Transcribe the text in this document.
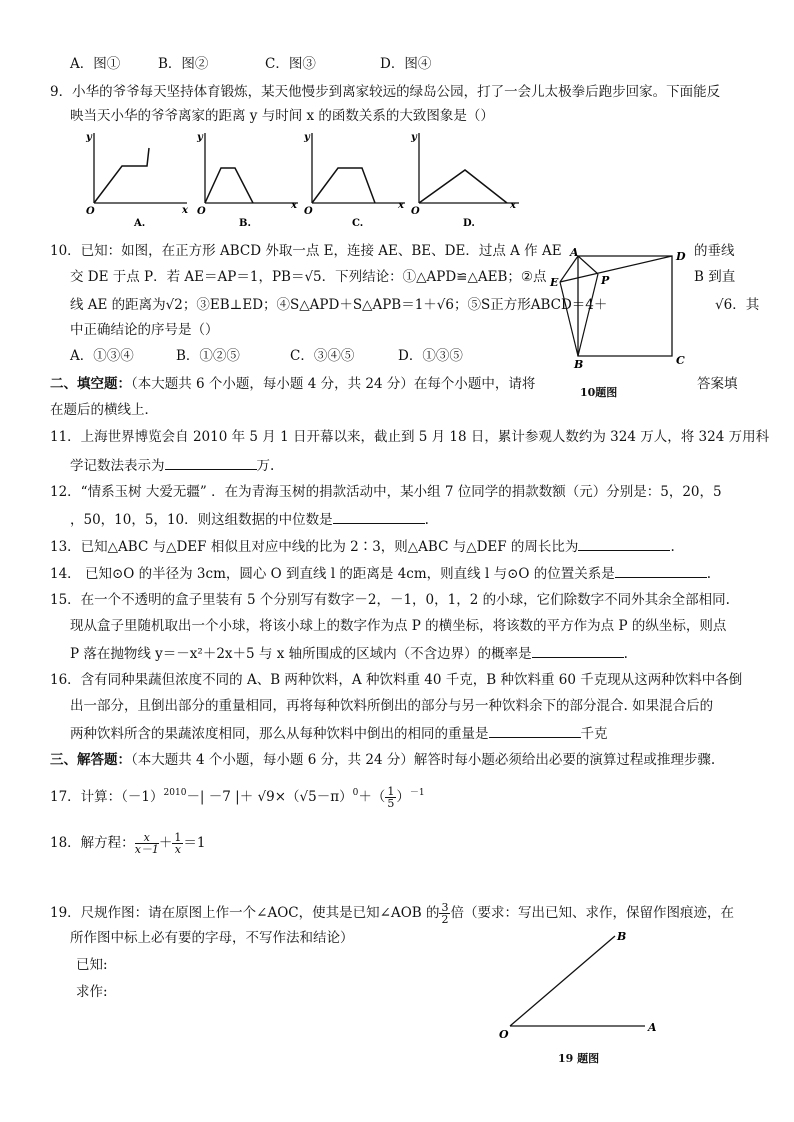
A．图①	B．图②	C．图③	D．图④
9．小华的爷爷每天坚持体育锻炼，某天他慢步到离家较远的绿岛公园，打了一会儿太极拳后跑步回家。下面能反
映当天小华的爷爷离家的距离 y 与时间 x 的函数关系的大致图象是（）
y
x
O
A.
y
x
O
B.
y
x
O
C.
y
x
O
D.
10．已知：如图，在正方形 ABCD 外取一点 E，连接 AE、BE、DE．过点 A 作 AE	的垂线
交 DE 于点 P．若 AE＝AP＝1，PB＝√5．下列结论：①△APD≌△AEB；②点	B 到直
线 AE 的距离为√2；③EB⊥ED；④S△APD＋S△APB＝1＋√6；⑤S正方形ABCD＝4＋	√6．其
中正确结论的序号是（）
A．①③④	B．①②⑤	C．③④⑤	D．①③⑤
A	D
E	P
B	C
10题图
二、填空题：（本大题共 6 个小题，每小题 4 分，共 24 分）在每个小题中，请将	答案填
在题后的横线上．
11．上海世界博览会自 2010 年 5 月 1 日开幕以来，截止到 5 月 18 日，累计参观人数约为 324 万人，将 324 万用科
学记数法表示为	万.
12．“情系玉树 大爱无疆” ．在为青海玉树的捐款活动中，某小组 7 位同学的捐款数额（元）分别是：5，20，5
，50，10，5，10．则这组数据的中位数是	.
13．已知△ABC 与△DEF 相似且对应中线的比为 2∶3，则△ABC 与△DEF 的周长比为	.
14． 已知⊙O 的半径为 3cm，圆心 O 到直线 l 的距离是 4cm，则直线 l 与⊙O 的位置关系是	.
15．在一个不透明的盒子里装有 5 个分别写有数字－2，－1，0，1，2 的小球，它们除数字不同外其余全部相同.
现从盒子里随机取出一个小球，将该小球上的数字作为点 P 的横坐标，将该数的平方作为点 P 的纵坐标，则点
P 落在抛物线 y＝－x²＋2x＋5 与 x 轴所围成的区域内（不含边界）的概率是	.
16．含有同种果蔬但浓度不同的 A、B 两种饮料，A 种饮料重 40 千克，B 种饮料重 60 千克现从这两种饮料中各倒
出一部分，且倒出部分的重量相同，再将每种饮料所倒出的部分与另一种饮料余下的部分混合. 如果混合后的
两种饮料所含的果蔬浓度相同，那么从每种饮料中倒出的相同的重量是	千克
三、解答题：（本大题共 4 个小题，每小题 6 分，共 24 分）解答时每小题必须给出必要的演算过程或推理步骤.
17．计算：$(-1)^{2010}-| -7$ |＋ $√9\times(√5-\pi)^0+( \frac{1}{5} )^{-1}$
18．解方程： $\frac{x}{x-1} + \frac{1}{x} =1$
19．尺规作图：请在原图上作一个∠AOC，使其是已知∠AOB 的 $\frac{3}{2}$ 倍（要求：写出已知、求作，保留作图痕迹，在
所作图中标上必有要的字母，不写作法和结论）
已知:
求作:
O
A
B
19 题图
